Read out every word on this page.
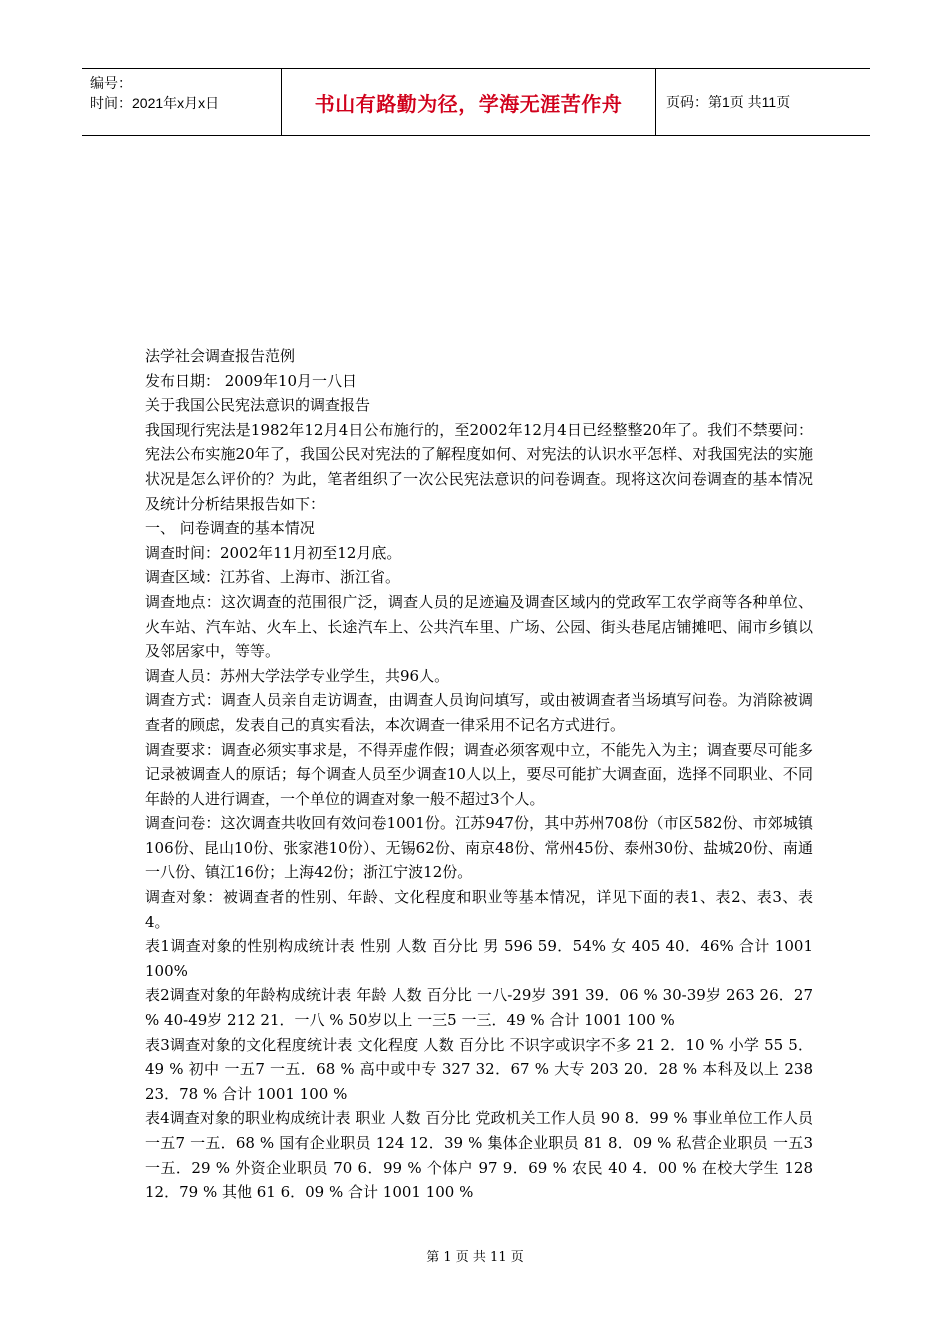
编号：
时间：2021年x月x日	书山有路勤为径，学海无涯苦作舟	页码：第1页 共11页

法学社会调查报告范例

发布日期： 2009年10月一八日

关于我国公民宪法意识的调查报告

我国现行宪法是1982年12月4日公布施行的，至2002年12月4日已经整整20年了。我们不禁要问：宪法公布实施20年了，我国公民对宪法的了解程度如何、对宪法的认识水平怎样、对我国宪法的实施状况是怎么评价的？为此，笔者组织了一次公民宪法意识的问卷调查。现将这次问卷调查的基本情况及统计分析结果报告如下：

一、 问卷调查的基本情况

调查时间：2002年11月初至12月底。

调查区域：江苏省、上海市、浙江省。

调查地点：这次调查的范围很广泛，调查人员的足迹遍及调查区域内的党政军工农学商等各种单位、火车站、汽车站、火车上、长途汽车上、公共汽车里、广场、公园、街头巷尾店铺摊吧、闹市乡镇以及邻居家中，等等。

调查人员：苏州大学法学专业学生，共96人。

调查方式：调查人员亲自走访调查，由调查人员询问填写，或由被调查者当场填写问卷。为消除被调查者的顾虑，发表自己的真实看法，本次调查一律采用不记名方式进行。

调查要求：调查必须实事求是，不得弄虚作假；调查必须客观中立，不能先入为主；调查要尽可能多记录被调查人的原话；每个调查人员至少调查10人以上，要尽可能扩大调查面，选择不同职业、不同年龄的人进行调查，一个单位的调查对象一般不超过3个人。

调查问卷：这次调查共收回有效问卷1001份。江苏947份，其中苏州708份（市区582份、市郊城镇106份、昆山10份、张家港10份）、无锡62份、南京48份、常州45份、泰州30份、盐城20份、南通一八份、镇江16份；上海42份；浙江宁波12份。

调查对象：被调查者的性别、年龄、文化程度和职业等基本情况，详见下面的表1、表2、表3、表4。

表1调查对象的性别构成统计表 性别 人数 百分比 男 596 59．54% 女 405 40．46% 合计 1001 100%

表2调查对象的年龄构成统计表 年龄 人数 百分比 一八-29岁 391 39．06 % 30-39岁 263 26．27 % 40-49岁 212 21．一八 % 50岁以上 一三5 一三．49 % 合计 1001 100 %

表3调查对象的文化程度统计表 文化程度 人数 百分比 不识字或识字不多 21 2．10 % 小学 55 5．49 % 初中 一五7 一五．68 % 高中或中专 327 32．67 % 大专 203 20．28 % 本科及以上 238 23．78 % 合计 1001 100 %

表4调查对象的职业构成统计表 职业 人数 百分比 党政机关工作人员 90 8．99 % 事业单位工作人员 一五7 一五．68 % 国有企业职员 124 12．39 % 集体企业职员 81 8．09 % 私营企业职员 一五3 一五．29 % 外资企业职员 70 6．99 % 个体户 97 9．69 % 农民 40 4．00 % 在校大学生 128 12．79 % 其他 61 6．09 % 合计 1001 100 %

第 1 页 共 11 页
